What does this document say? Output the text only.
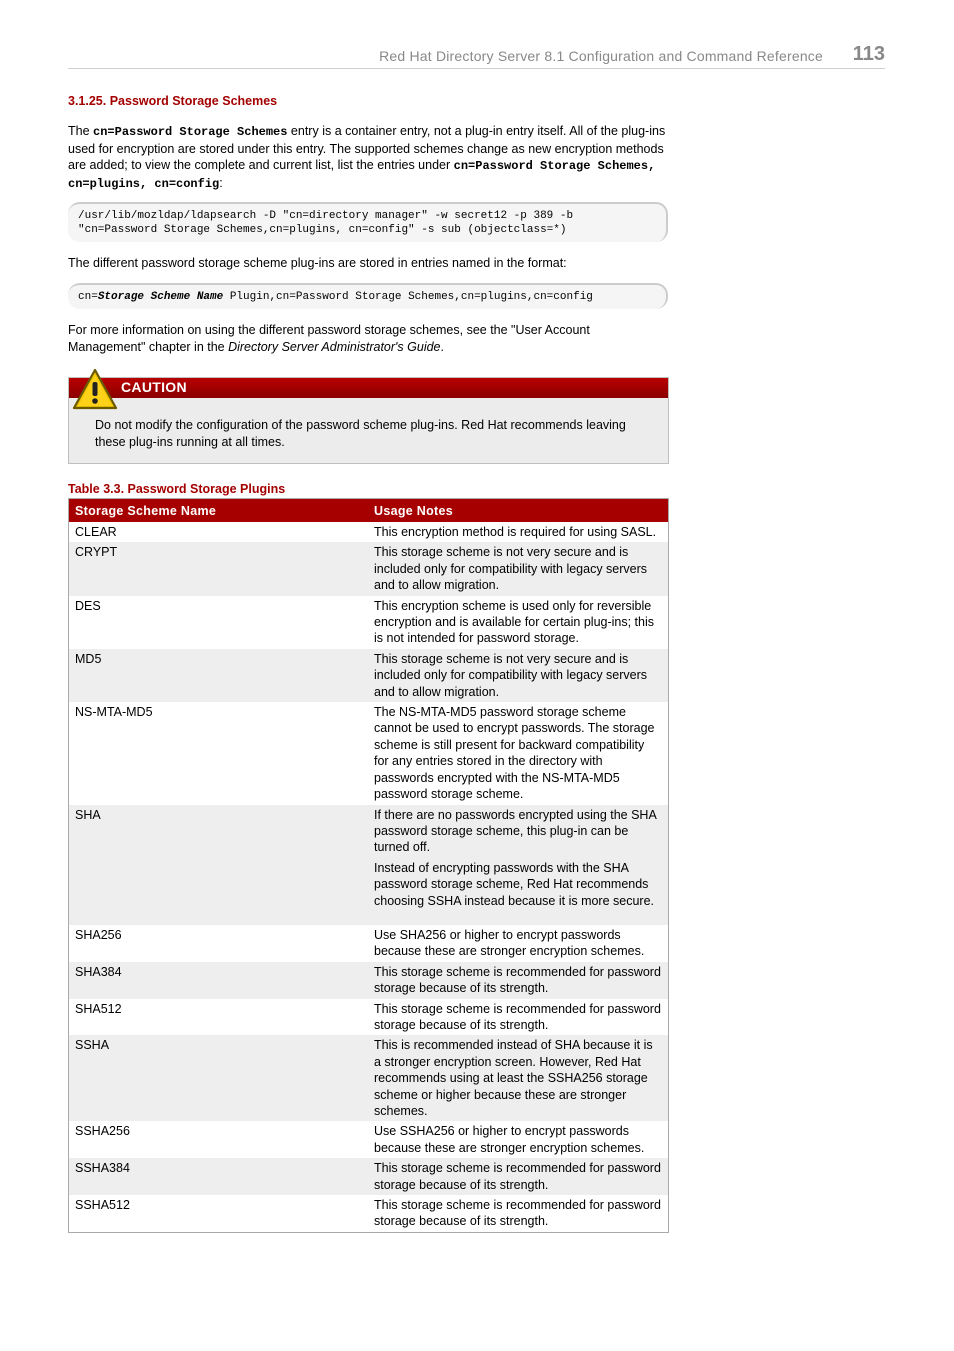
Red Hat Directory Server 8.1 Configuration and Command Reference 113
3.1.25. Password Storage Schemes
The cn=Password Storage Schemes entry is a container entry, not a plug-in entry itself. All of the plug-ins used for encryption are stored under this entry. The supported schemes change as new encryption methods are added; to view the complete and current list, list the entries under cn=Password Storage Schemes, cn=plugins, cn=config:
/usr/lib/mozldap/ldapsearch -D "cn=directory manager" -w secret12 -p 389 -b
"cn=Password Storage Schemes,cn=plugins, cn=config" -s sub (objectclass=*)
The different password storage scheme plug-ins are stored in entries named in the format:
cn=Storage Scheme Name Plugin,cn=Password Storage Schemes,cn=plugins,cn=config
For more information on using the different password storage schemes, see the "User Account Management" chapter in the Directory Server Administrator's Guide.
CAUTION
Do not modify the configuration of the password scheme plug-ins. Red Hat recommends leaving these plug-ins running at all times.
Table 3.3. Password Storage Plugins
Storage Scheme Name	Usage Notes
CLEAR	This encryption method is required for using SASL.
CRYPT	This storage scheme is not very secure and is included only for compatibility with legacy servers and to allow migration.
DES	This encryption scheme is used only for reversible encryption and is available for certain plug-ins; this is not intended for password storage.
MD5	This storage scheme is not very secure and is included only for compatibility with legacy servers and to allow migration.
NS-MTA-MD5	The NS-MTA-MD5 password storage scheme cannot be used to encrypt passwords. The storage scheme is still present for backward compatibility for any entries stored in the directory with passwords encrypted with the NS-MTA-MD5 password storage scheme.
SHA	If there are no passwords encrypted using the SHA password storage scheme, this plug-in can be turned off.

Instead of encrypting passwords with the SHA password storage scheme, Red Hat recommends choosing SSHA instead because it is more secure.

SHA256	Use SHA256 or higher to encrypt passwords because these are stronger encryption schemes.
SHA384	This storage scheme is recommended for password storage because of its strength.
SHA512	This storage scheme is recommended for password storage because of its strength.
SSHA	This is recommended instead of SHA because it is a stronger encryption screen. However, Red Hat recommends using at least the SSHA256 storage scheme or higher because these are stronger schemes.
SSHA256	Use SSHA256 or higher to encrypt passwords because these are stronger encryption schemes.
SSHA384	This storage scheme is recommended for password storage because of its strength.
SSHA512	This storage scheme is recommended for password storage because of its strength.
